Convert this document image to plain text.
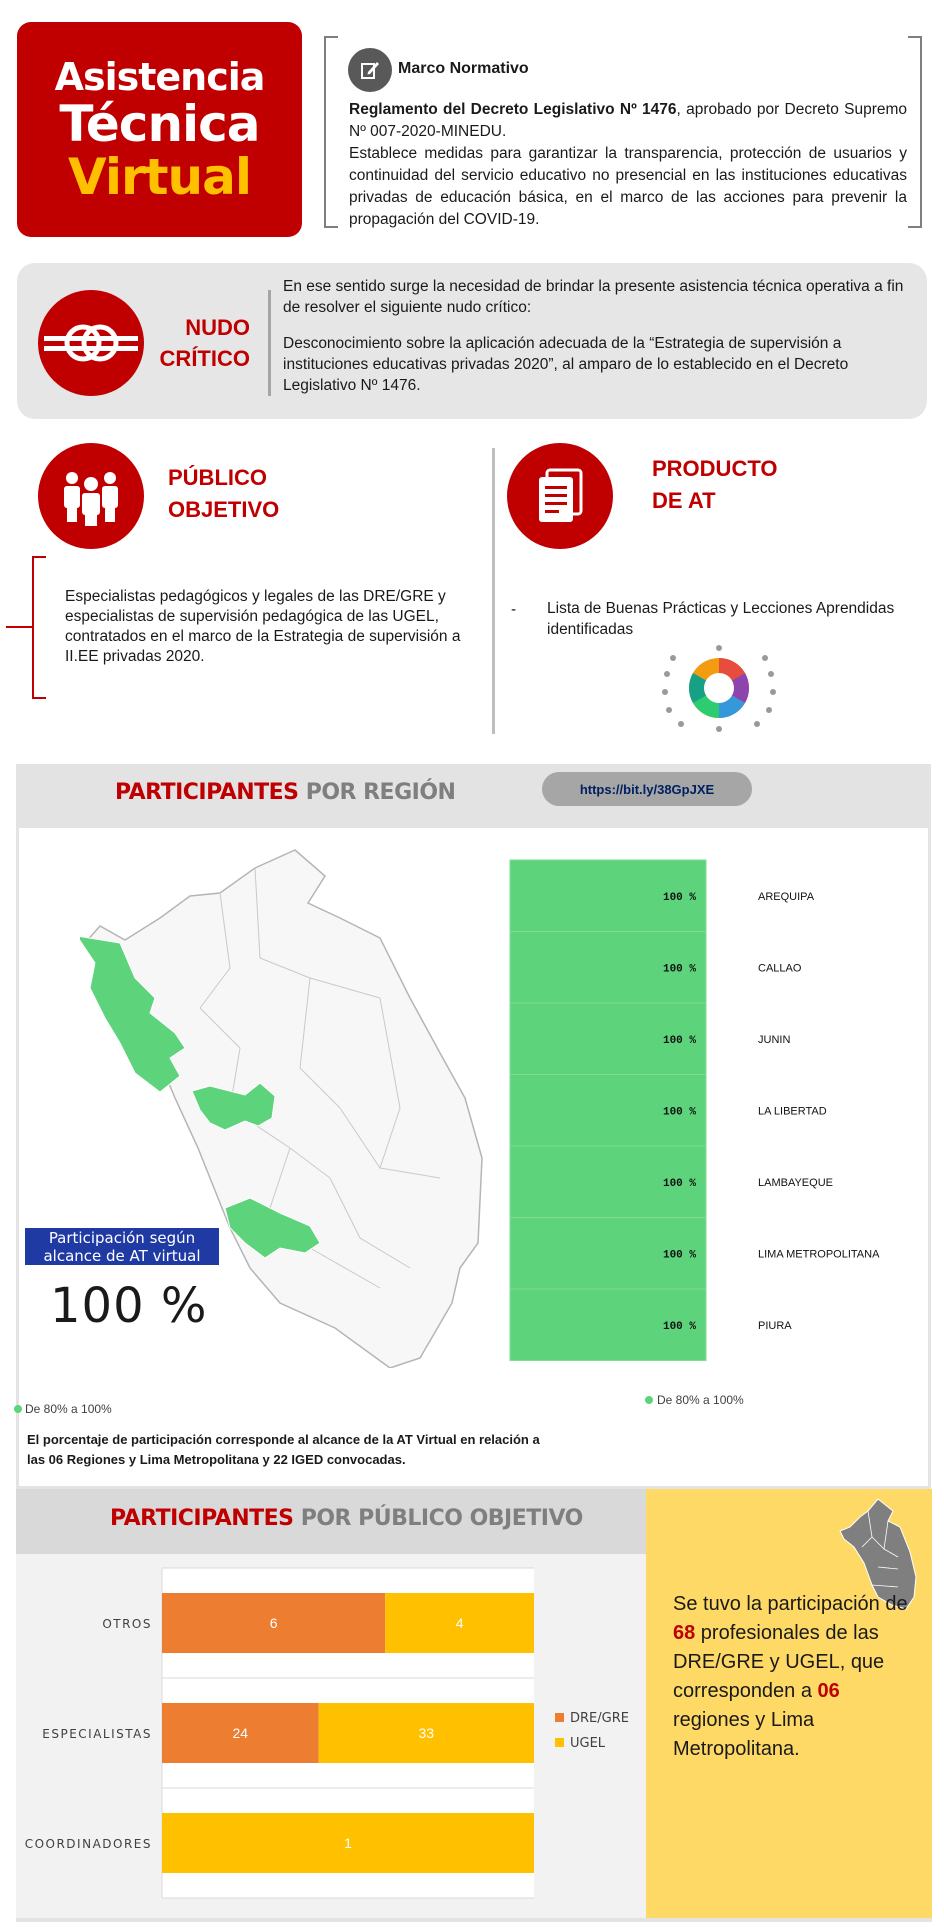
Asistencia
Técnica
Virtual
Marco Normativo
Reglamento del Decreto Legislativo Nº 1476, aprobado por Decreto Supremo Nº 007-2020-MINEDU.
Establece medidas para garantizar la transparencia, protección de usuarios y continuidad del servicio educativo no presencial en las instituciones educativas privadas de educación básica, en el marco de las acciones para prevenir la propagación del COVID-19.
NUDO
CRÍTICO
En ese sentido surge la necesidad de brindar la presente asistencia técnica operativa a fin de resolver el siguiente nudo crítico:
Desconocimiento sobre la aplicación adecuada de la “Estrategia de supervisión a instituciones educativas privadas 2020”, al amparo de lo establecido en el Decreto Legislativo Nº 1476.
PÚBLICO
OBJETIVO
Especialistas pedagógicos y legales de las DRE/GRE y especialistas de supervisión pedagógica de las UGEL, contratados en el marco de la Estrategia de supervisión a II.EE privadas 2020.
PRODUCTO
DE AT
- Lista de Buenas Prácticas y Lecciones Aprendidas identificadas
PARTICIPANTES POR REGIÓN	https://bit.ly/38GpJXE
Participación según alcance de AT virtual
100 %
De 80% a 100%
El porcentaje de participación corresponde al alcance de la AT Virtual en relación a las 06 Regiones y Lima Metropolitana y 22 IGED convocadas.
100 %	AREQUIPA
100 %	CALLAO
100 %	JUNIN
100 %	LA LIBERTAD
100 %	LAMBAYEQUE
100 %	LIMA METROPOLITANA
100 %	PIURA
De 80% a 100%
PARTICIPANTES POR PÚBLICO OBJETIVO
6	4
OTROS
24	33
ESPECIALISTAS
1
COORDINADORES
DRE/GRE
UGEL
Se tuvo la participación de 68 profesionales de las DRE/GRE y UGEL, que corresponden a 06 regiones y Lima Metropolitana.
